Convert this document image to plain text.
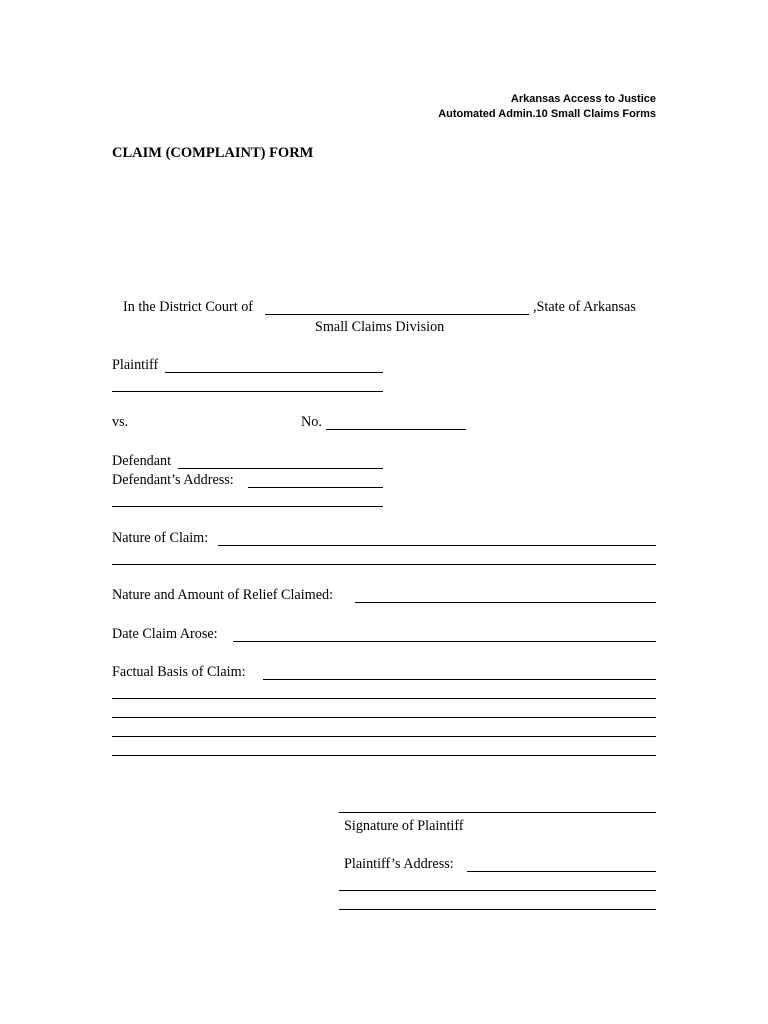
Arkansas Access to Justice
Automated Admin.10 Small Claims Forms
CLAIM (COMPLAINT) FORM
In the District Court of	,State of Arkansas
Small Claims Division
Plaintiff
vs.	No.
Defendant
Defendant’s Address:
Nature of Claim:
Nature and Amount of Relief Claimed:
Date Claim Arose:
Factual Basis of Claim:
Signature of Plaintiff
Plaintiff’s Address:
